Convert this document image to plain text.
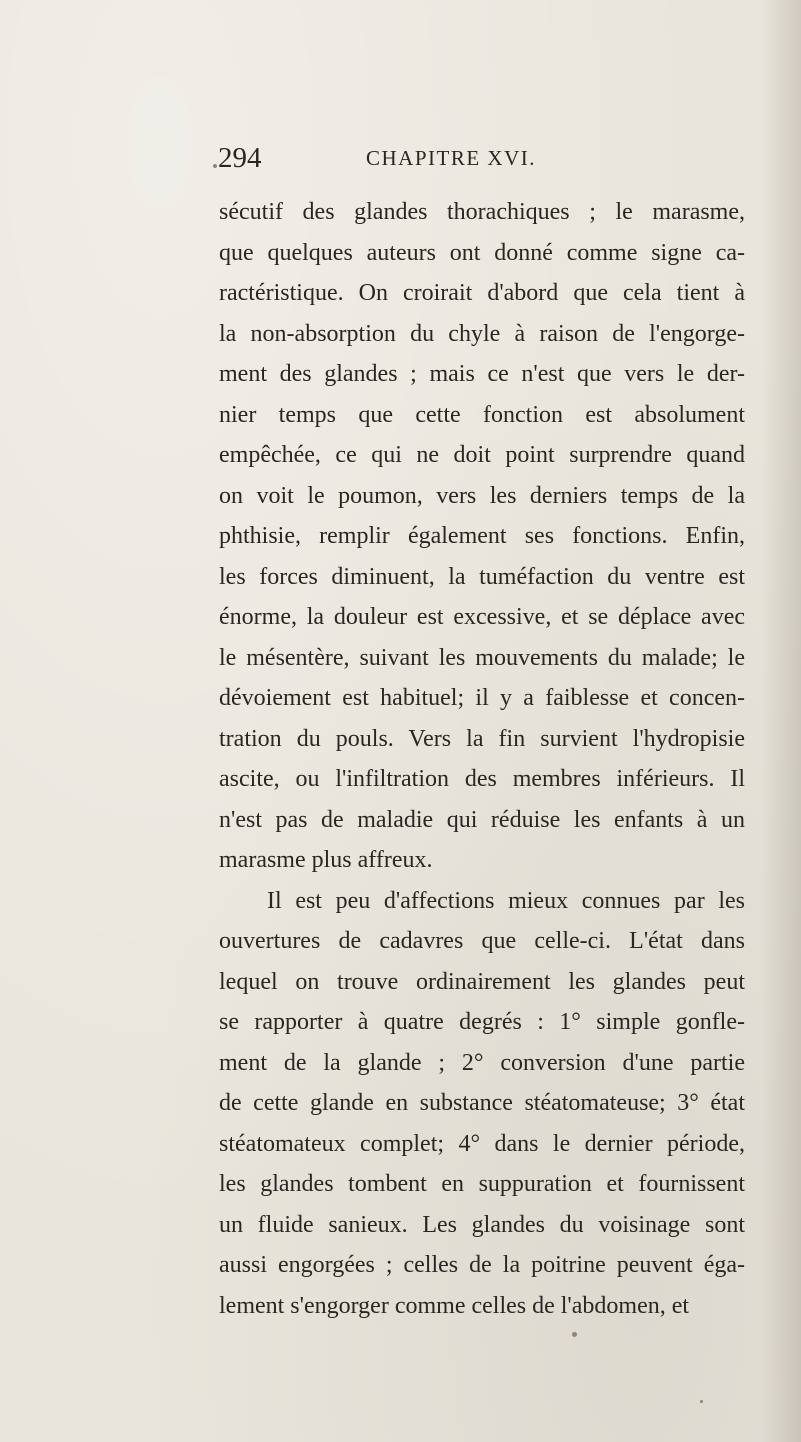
294	CHAPITRE XVI.
sécutif des glandes thorachiques ; le marasme,
que quelques auteurs ont donné comme signe ca-
ractéristique. On croirait d'abord que cela tient à
la non-absorption du chyle à raison de l'engorge-
ment des glandes ; mais ce n'est que vers le der-
nier temps que cette fonction est absolument
empêchée, ce qui ne doit point surprendre quand
on voit le poumon, vers les derniers temps de la
phthisie, remplir également ses fonctions. Enfin,
les forces diminuent, la tuméfaction du ventre est
énorme, la douleur est excessive, et se déplace avec
le mésentère, suivant les mouvements du malade; le
dévoiement est habituel; il y a faiblesse et concen-
tration du pouls. Vers la fin survient l'hydropisie
ascite, ou l'infiltration des membres inférieurs. Il
n'est pas de maladie qui réduise les enfants à un
marasme plus affreux.
Il est peu d'affections mieux connues par les
ouvertures de cadavres que celle-ci. L'état dans
lequel on trouve ordinairement les glandes peut
se rapporter à quatre degrés : 1° simple gonfle-
ment de la glande ; 2° conversion d'une partie
de cette glande en substance stéatomateuse; 3° état
stéatomateux complet; 4° dans le dernier période,
les glandes tombent en suppuration et fournissent
un fluide sanieux. Les glandes du voisinage sont
aussi engorgées ; celles de la poitrine peuvent éga-
lement s'engorger comme celles de l'abdomen, et
